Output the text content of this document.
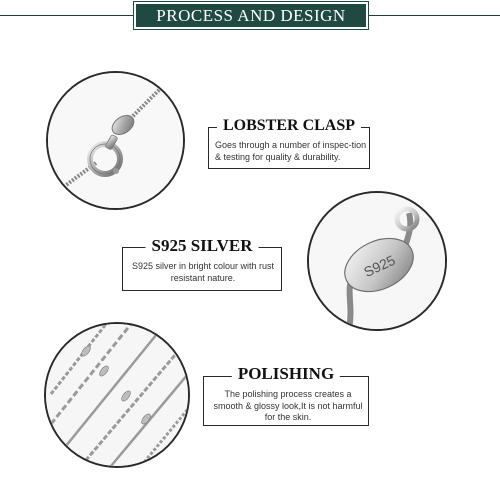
PROCESS AND DESIGN
S925
LOBSTER CLASP
Goes through a number of inspec-tion & testing for quality & durability.
S925 SILVER
S925 silver in bright colour with rust resistant nature.
POLISHING
The polishing process creates a smooth & glossy look,It is not harmful for the skin.
